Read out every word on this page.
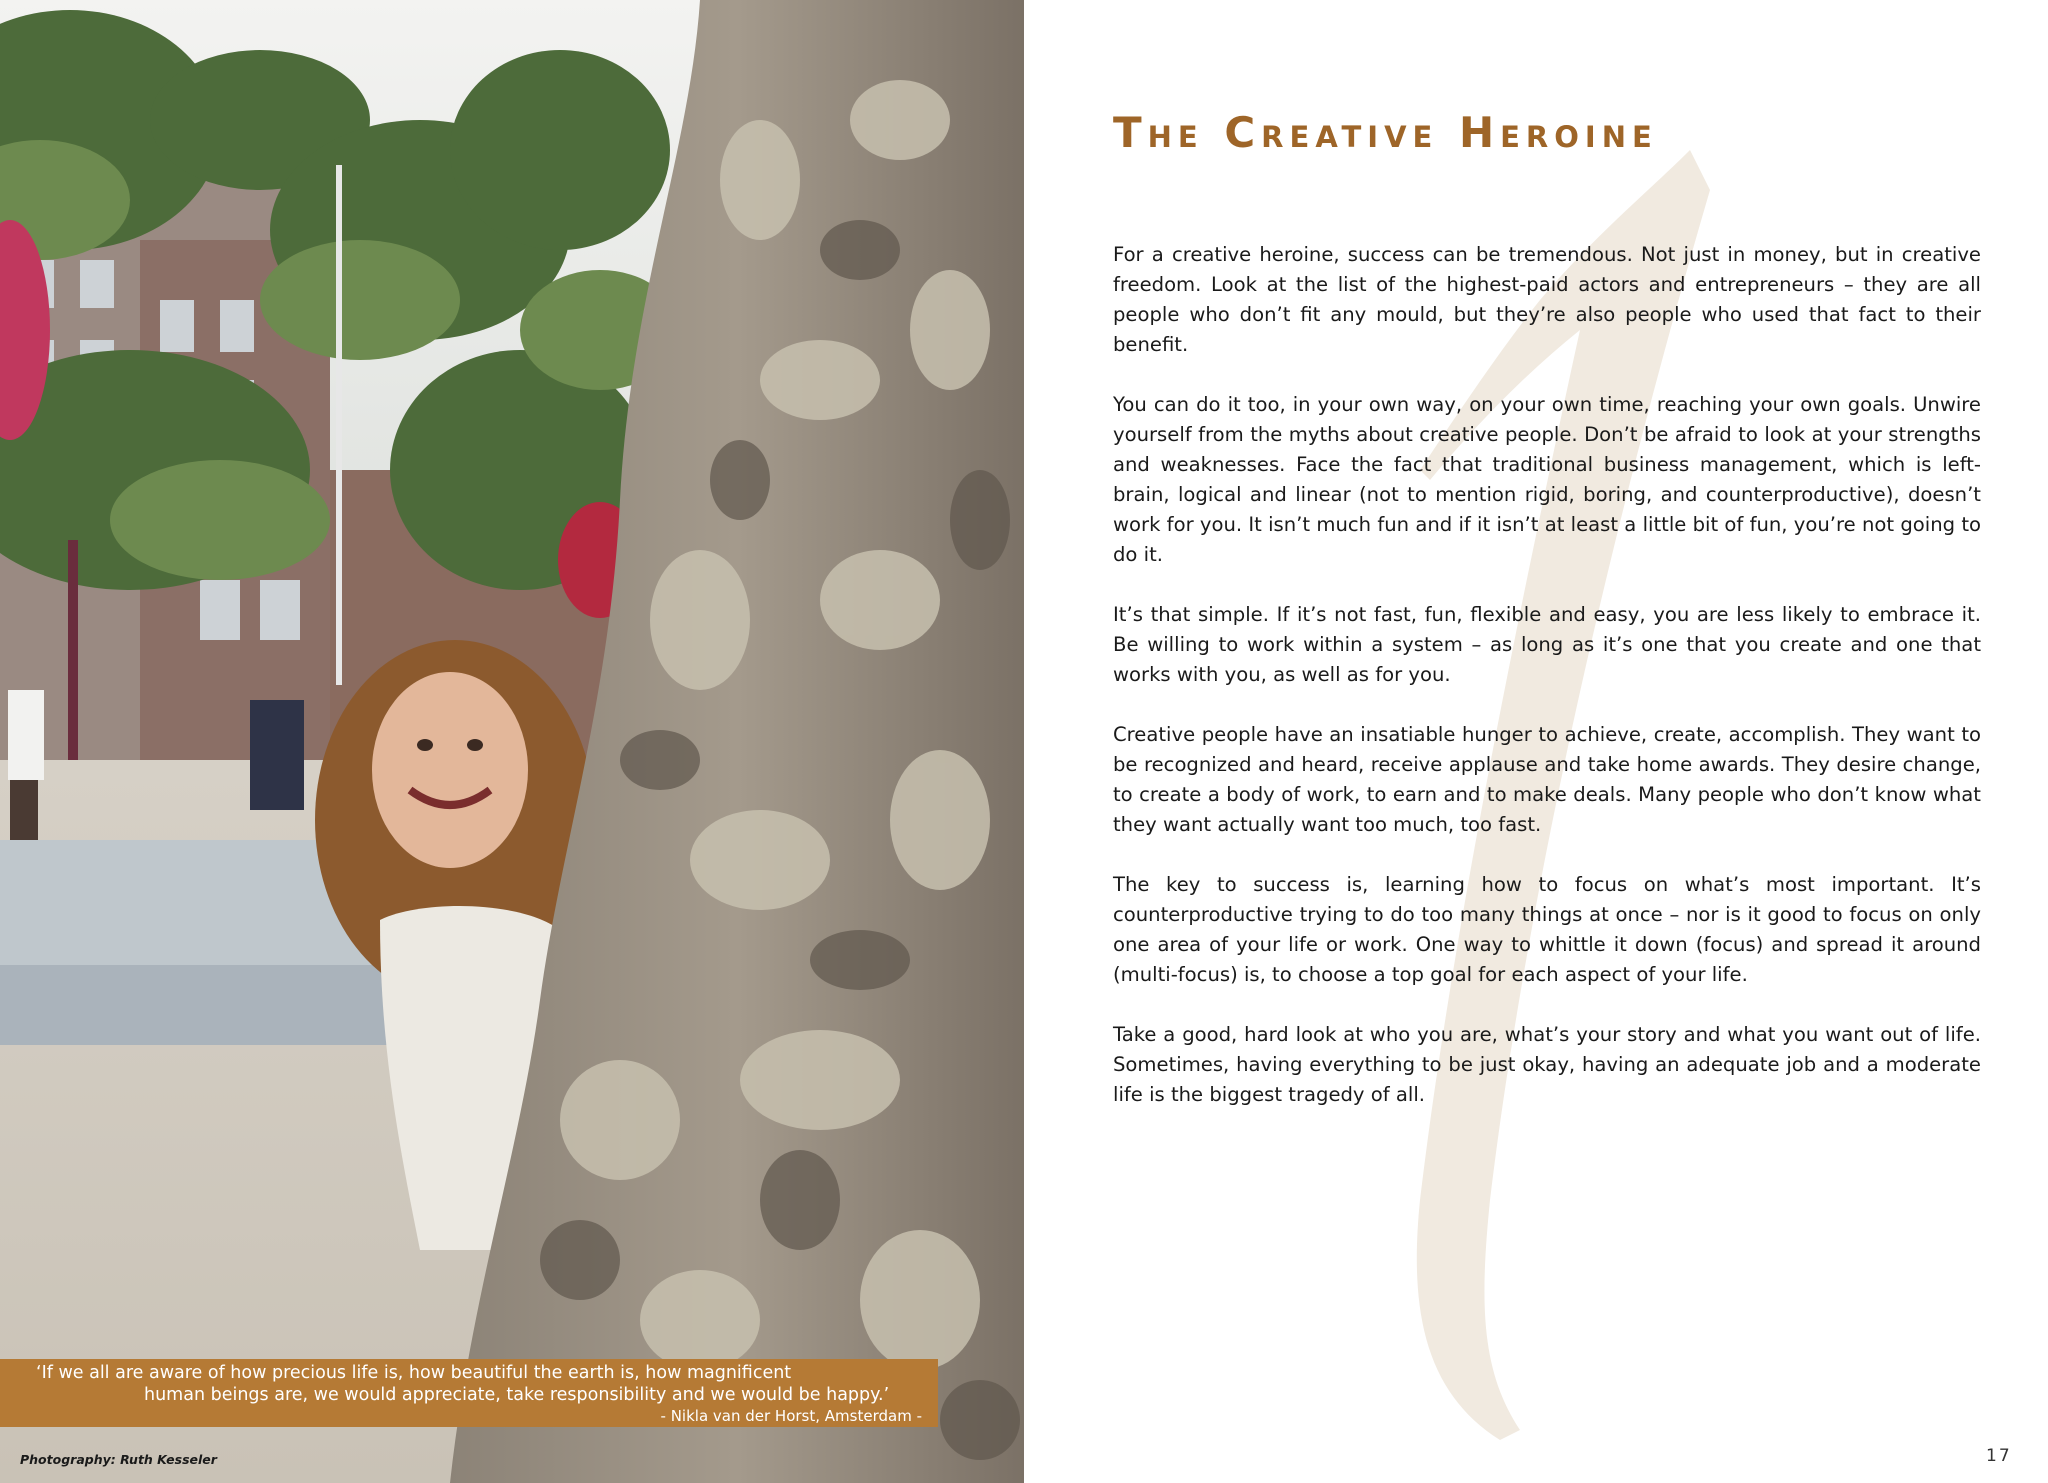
‘If we all are aware of how precious life is, how beautiful the earth is, how magnificent
human beings are, we would appreciate, take responsibility and we would be happy.’
- Nikla van der Horst, Amsterdam -
Photography: Ruth Kesseler
The Creative Heroine

For a creative heroine, success can be tremendous. Not just in money, but in creative freedom. Look at the list of the highest-paid actors and entrepreneurs – they are all people who don’t fit any mould, but they’re also people who used that fact to their benefit.

You can do it too, in your own way, on your own time, reaching your own goals. Unwire yourself from the myths about creative people. Don’t be afraid to look at your strengths and weaknesses. Face the fact that traditional business management, which is left-brain, logical and linear (not to mention rigid, boring, and counterproductive), doesn’t work for you. It isn’t much fun and if it isn’t at least a little bit of fun, you’re not going to do it.

It’s that simple. If it’s not fast, fun, flexible and easy, you are less likely to embrace it. Be willing to work within a system – as long as it’s one that you create and one that works with you, as well as for you.

Creative people have an insatiable hunger to achieve, create, accomplish. They want to be recognized and heard, receive applause and take home awards. They desire change, to create a body of work, to earn and to make deals. Many people who don’t know what they want actually want too much, too fast.

The key to success is, learning how to focus on what’s most important. It’s counterproductive trying to do too many things at once – nor is it good to focus on only one area of your life or work. One way to whittle it down (focus) and spread it around (multi-focus) is, to choose a top goal for each aspect of your life.

Take a good, hard look at who you are, what’s your story and what you want out of life. Sometimes, having everything to be just okay, having an adequate job and a moderate life is the biggest tragedy of all.

17
